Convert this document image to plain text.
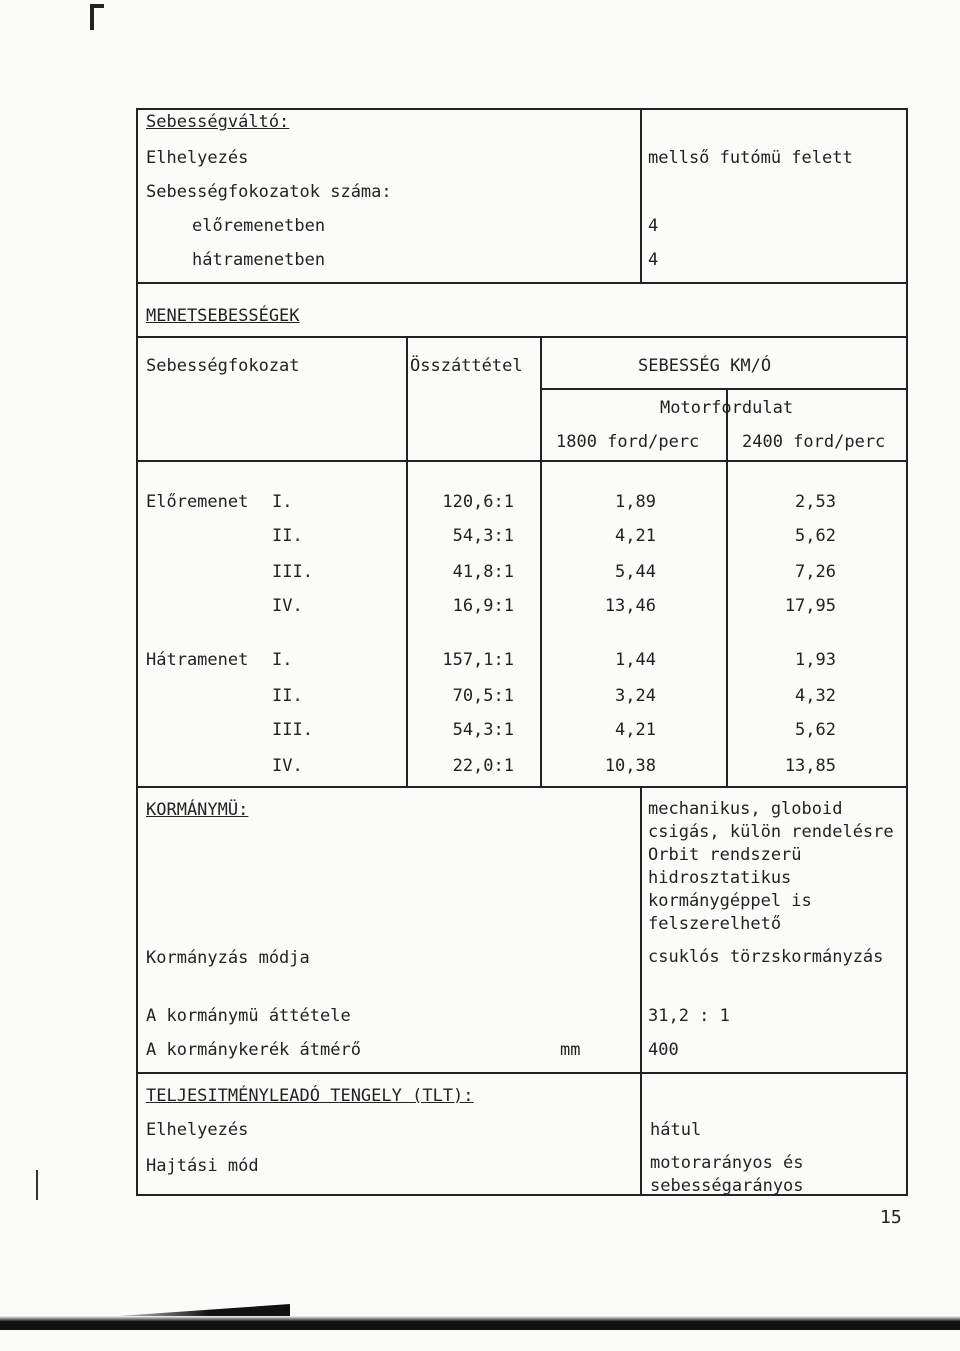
Sebességváltó:
Elhelyezés	mellső futómü felett
Sebességfokozatok száma:
előremenetben	4
hátramenetben	4
MENETSEBESSÉGEK
Sebességfokozat	Összáttétel	SEBESSÉG KM/Ó
Motorfordulat
1800 ford/perc	2400 ford/perc
Előremenet I.	120,6:1	1,89	2,53
II.	54,3:1	4,21	5,62
III.	41,8:1	5,44	7,26
IV.	16,9:1	13,46	17,95
Hátramenet I.	157,1:1	1,44	1,93
II.	70,5:1	3,24	4,32
III.	54,3:1	4,21	5,62
IV.	22,0:1	10,38	13,85
KORMÁNYMÜ:	mechanikus, globoid csigás, külön rendelésre Orbit rendszerü hidrosztatikus kormánygéppel is felszerelhető
Kormányzás módja	csuklós törzskormányzás
A kormánymü áttétele	31,2 : 1
A kormánykerék átmérő	mm	400
TELJESITMÉNYLEADÓ TENGELY (TLT):
Elhelyezés	hátul
Hajtási mód	motorarányos és sebességarányos
15
